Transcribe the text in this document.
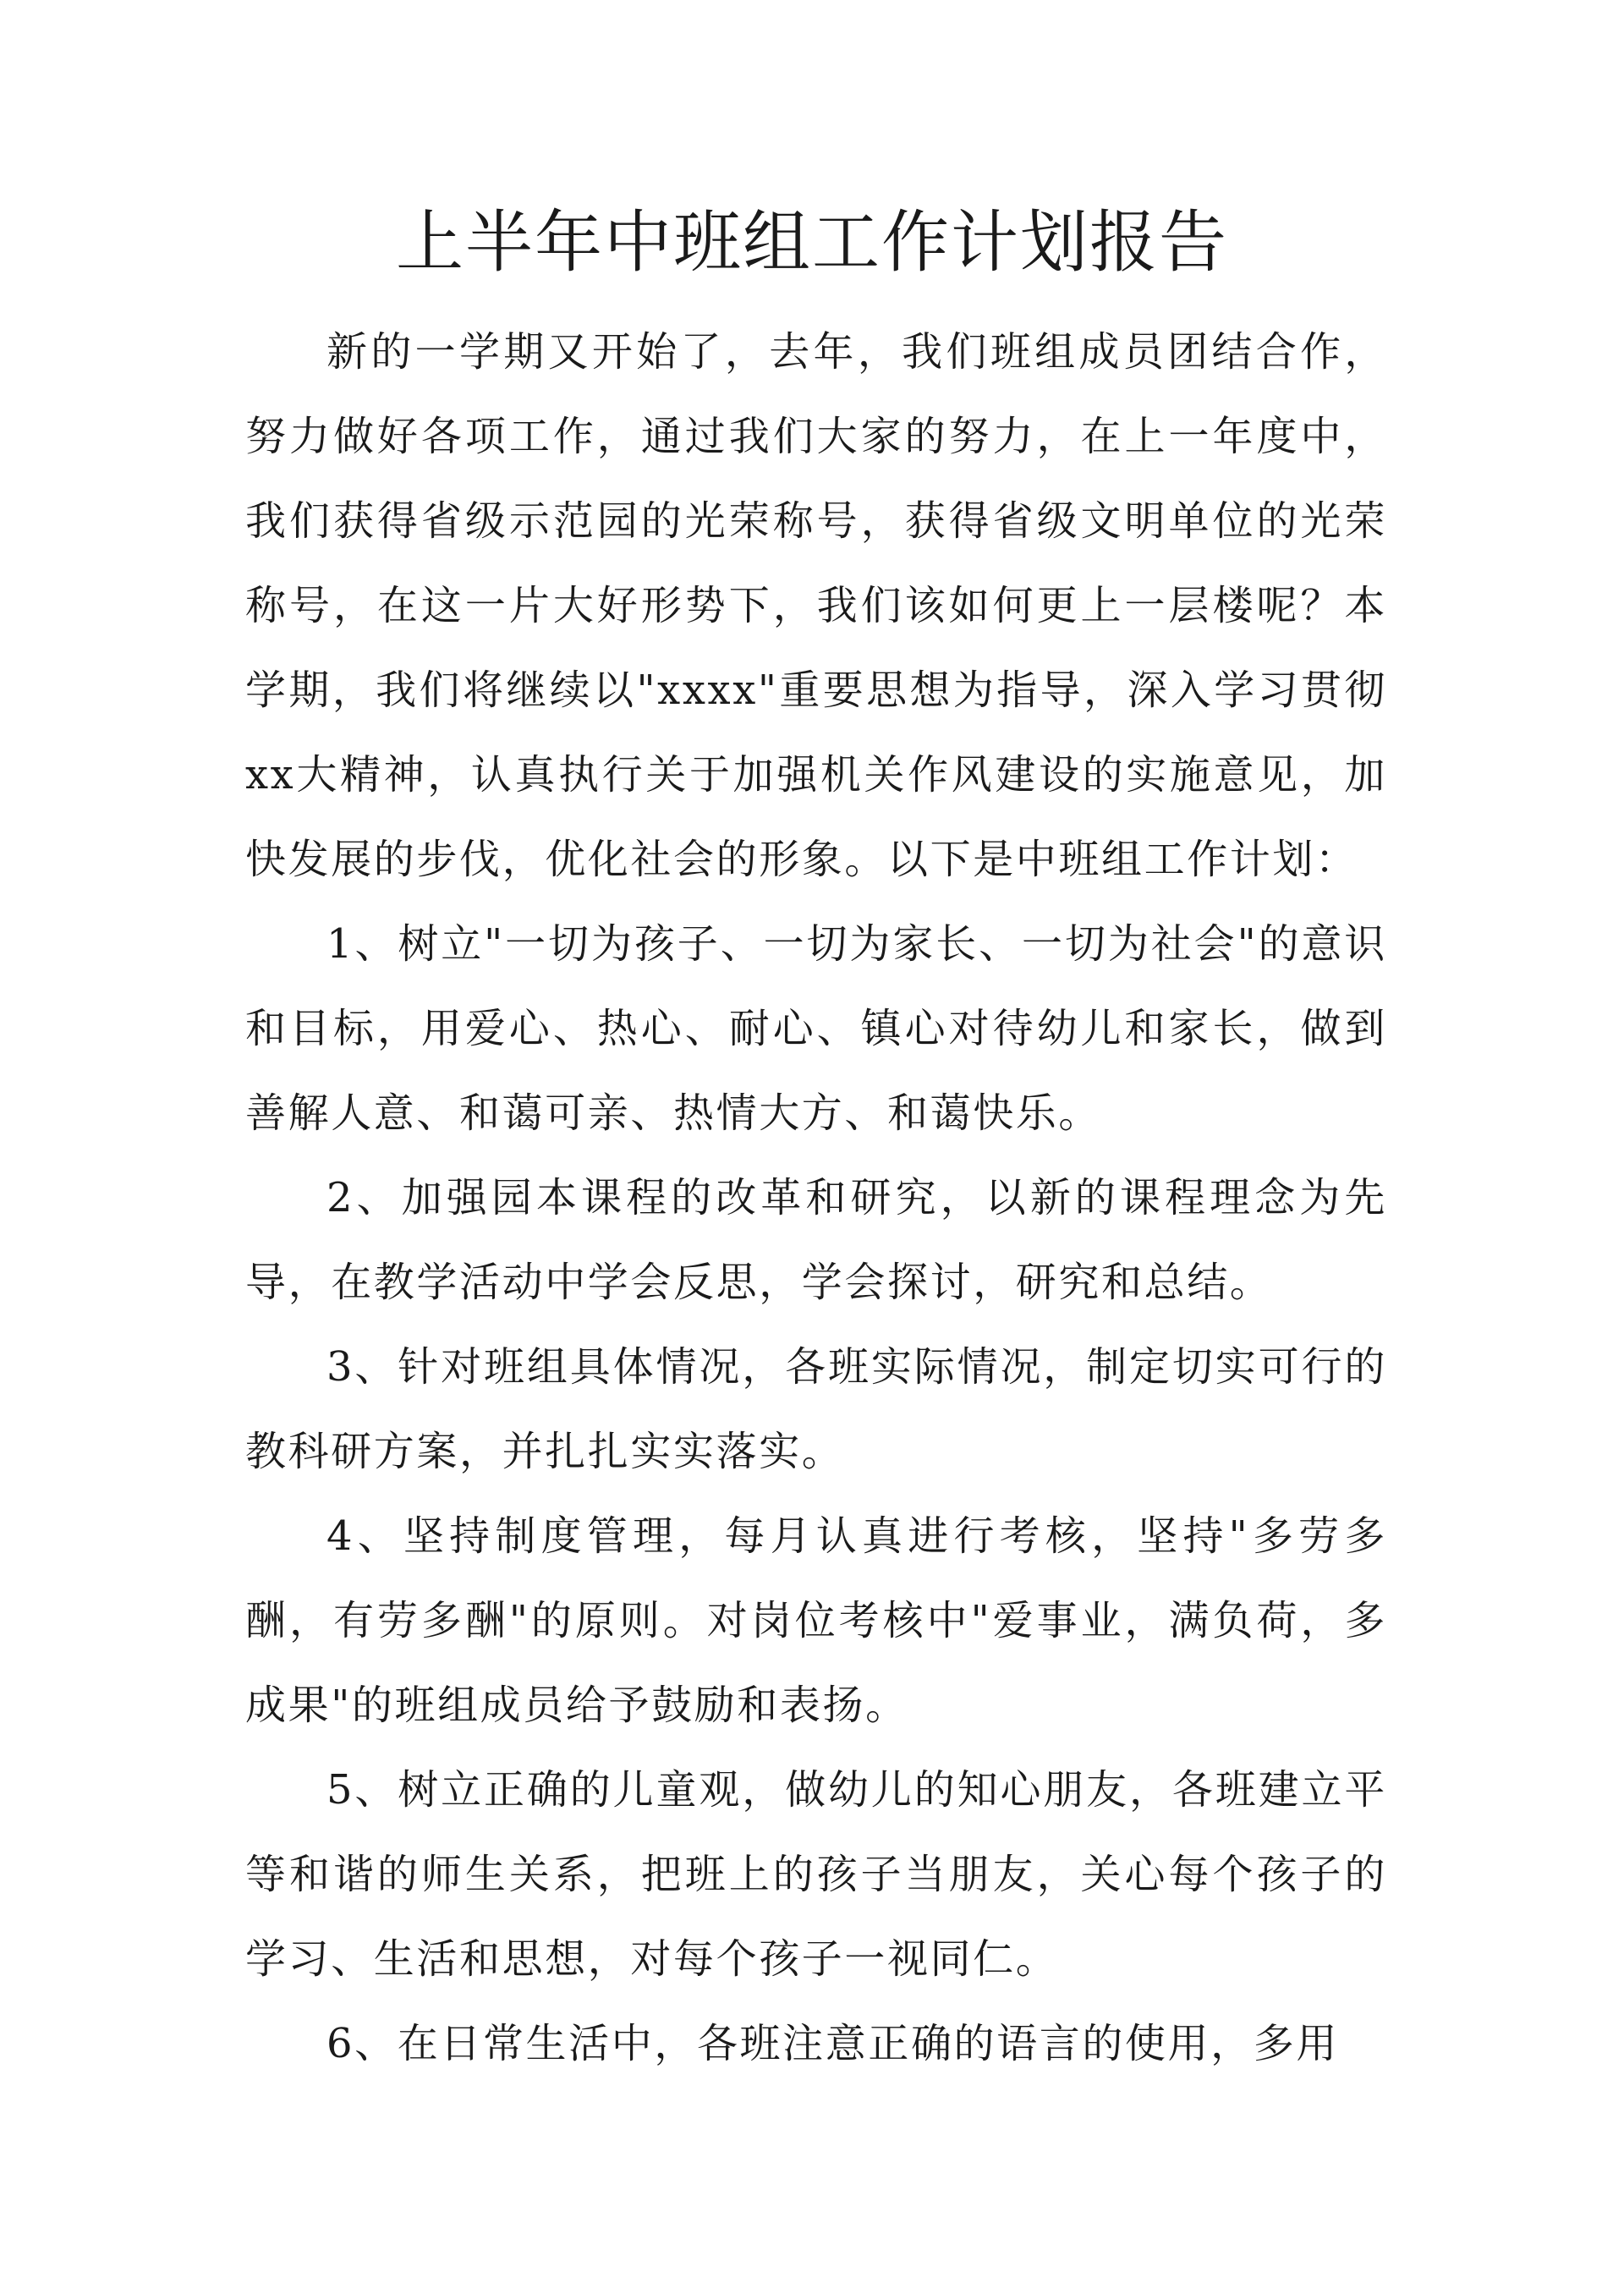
上半年中班组工作计划报告

新的一学期又开始了，去年，我们班组成员团结合作，努力做好各项工作，通过我们大家的努力，在上一年度中，我们获得省级示范园的光荣称号，获得省级文明单位的光荣称号，在这一片大好形势下，我们该如何更上一层楼呢？本学期，我们将继续以"xxxx"重要思想为指导，深入学习贯彻xx大精神，认真执行关于加强机关作风建设的实施意见，加快发展的步伐，优化社会的形象。以下是中班组工作计划：

1、树立"一切为孩子、一切为家长、一切为社会"的意识和目标，用爱心、热心、耐心、镇心对待幼儿和家长，做到善解人意、和蔼可亲、热情大方、和蔼快乐。

2、加强园本课程的改革和研究，以新的课程理念为先导，在教学活动中学会反思，学会探讨，研究和总结。

3、针对班组具体情况，各班实际情况，制定切实可行的教科研方案，并扎扎实实落实。

4、坚持制度管理，每月认真进行考核，坚持"多劳多酬，有劳多酬"的原则。对岗位考核中"爱事业，满负荷，多成果"的班组成员给予鼓励和表扬。

5、树立正确的儿童观，做幼儿的知心朋友，各班建立平等和谐的师生关系，把班上的孩子当朋友，关心每个孩子的学习、生活和思想，对每个孩子一视同仁。

6、在日常生活中，各班注意正确的语言的使用，多用
